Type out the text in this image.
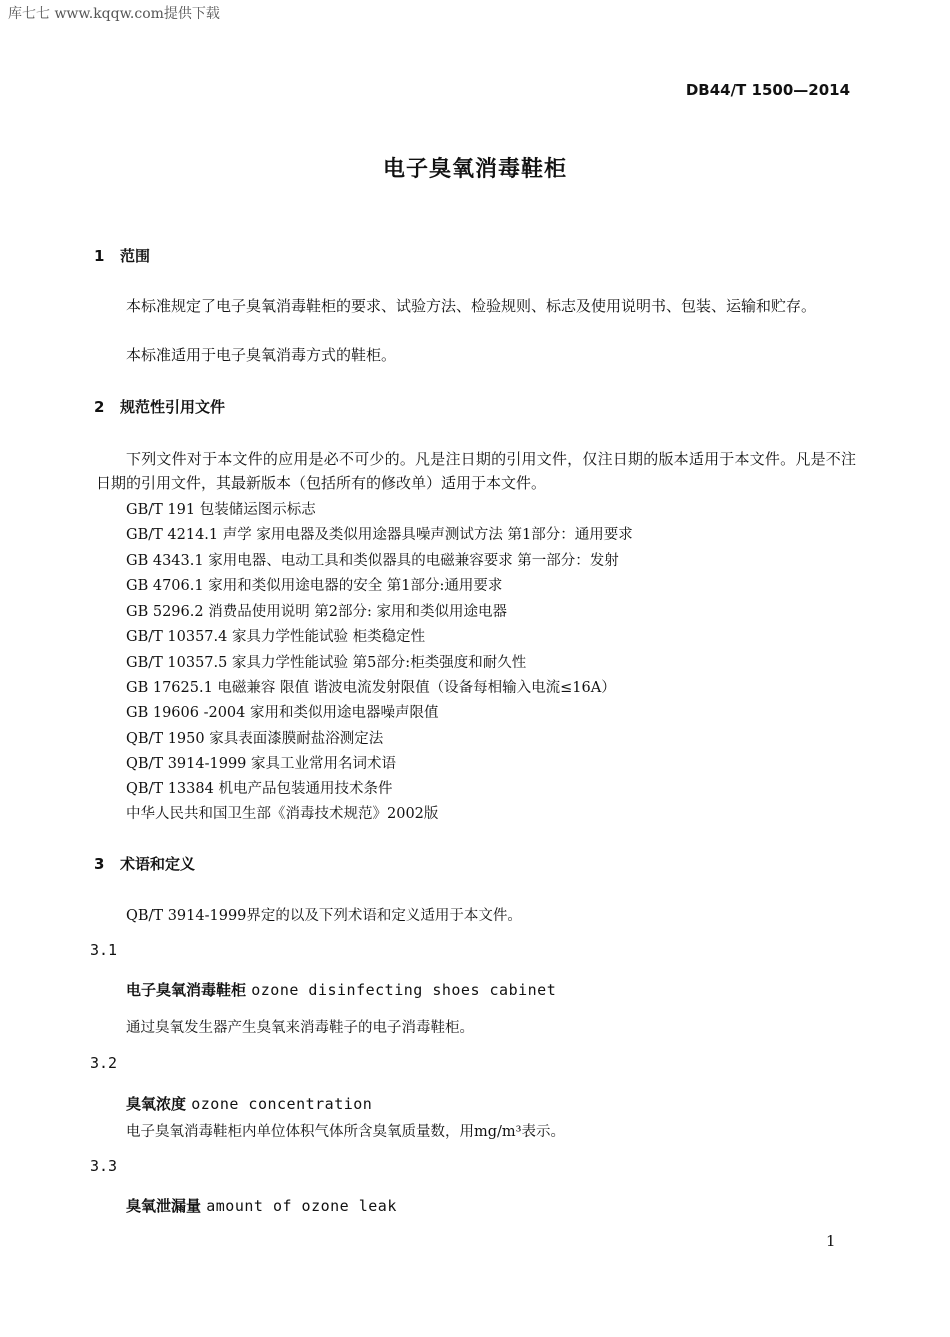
库七七 www.kqqw.com提供下载
DB44/T 1500—2014
电子臭氧消毒鞋柜
1 范围
本标准规定了电子臭氧消毒鞋柜的要求、试验方法、检验规则、标志及使用说明书、包装、运输和贮存。
本标准适用于电子臭氧消毒方式的鞋柜。
2 规范性引用文件
下列文件对于本文件的应用是必不可少的。凡是注日期的引用文件，仅注日期的版本适用于本文件。凡是不注日期的引用文件，其最新版本（包括所有的修改单）适用于本文件。
GB/T 191 包装储运图示标志
GB/T 4214.1 声学 家用电器及类似用途器具噪声测试方法 第1部分：通用要求
GB 4343.1 家用电器、电动工具和类似器具的电磁兼容要求 第一部分：发射
GB 4706.1 家用和类似用途电器的安全 第1部分:通用要求
GB 5296.2 消费品使用说明 第2部分: 家用和类似用途电器
GB/T 10357.4 家具力学性能试验 柜类稳定性
GB/T 10357.5 家具力学性能试验 第5部分:柜类强度和耐久性
GB 17625.1 电磁兼容 限值 谐波电流发射限值（设备每相输入电流≤16A）
GB 19606 -2004 家用和类似用途电器噪声限值
QB/T 1950 家具表面漆膜耐盐浴测定法
QB/T 3914-1999 家具工业常用名词术语
QB/T 13384 机电产品包装通用技术条件
中华人民共和国卫生部《消毒技术规范》2002版
3 术语和定义
QB/T 3914-1999界定的以及下列术语和定义适用于本文件。
3.1
电子臭氧消毒鞋柜 ozone disinfecting shoes cabinet
通过臭氧发生器产生臭氧来消毒鞋子的电子消毒鞋柜。
3.2
臭氧浓度 ozone concentration
电子臭氧消毒鞋柜内单位体积气体所含臭氧质量数，用mg/m³表示。
3.3
臭氧泄漏量 amount of ozone leak
1
